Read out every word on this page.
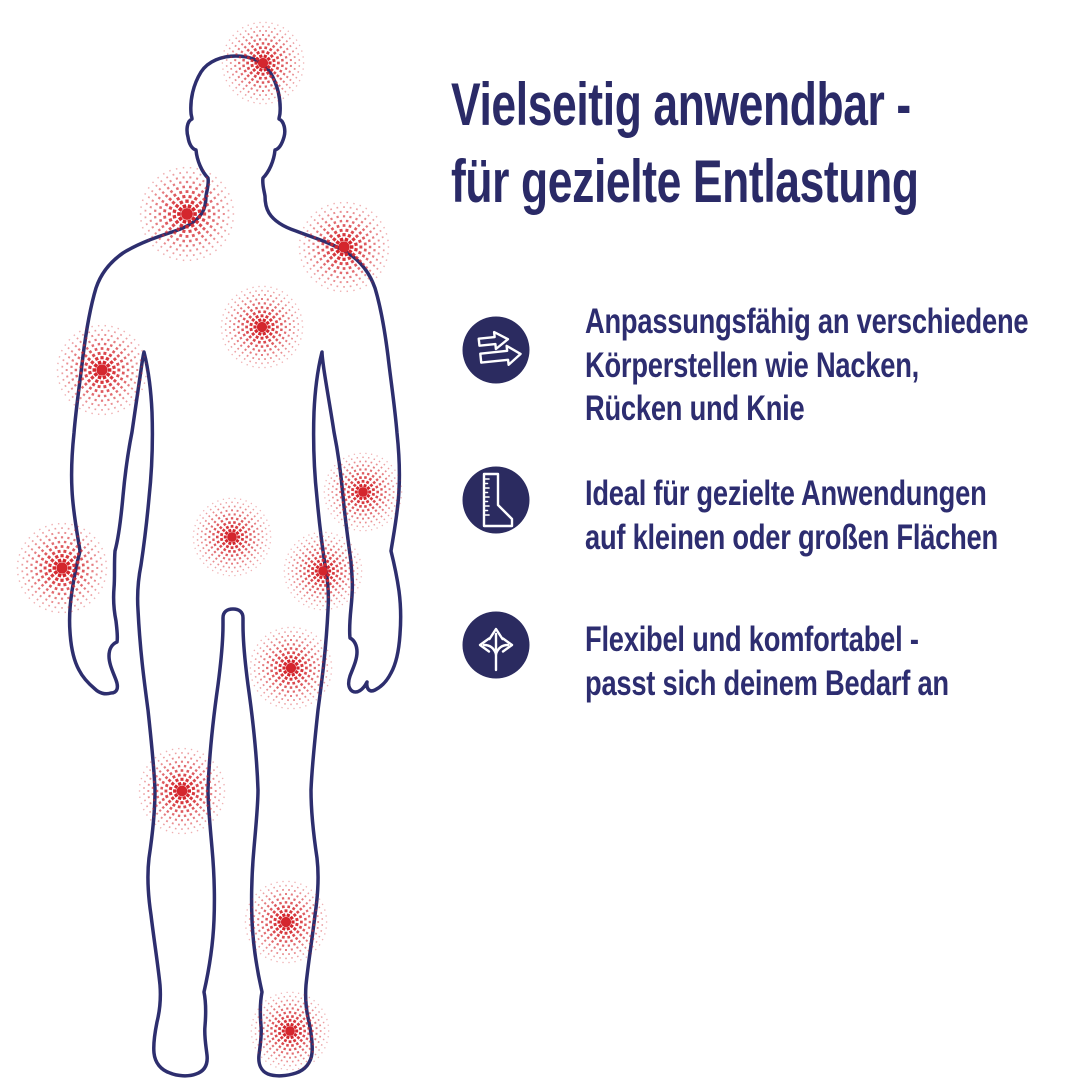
Vielseitig anwendbar -
für gezielte Entlastung
Anpassungsfähig an verschiedene
Körperstellen wie Nacken,
Rücken und Knie
Ideal für gezielte Anwendungen
auf kleinen oder großen Flächen
Flexibel und komfortabel -
passt sich deinem Bedarf an
